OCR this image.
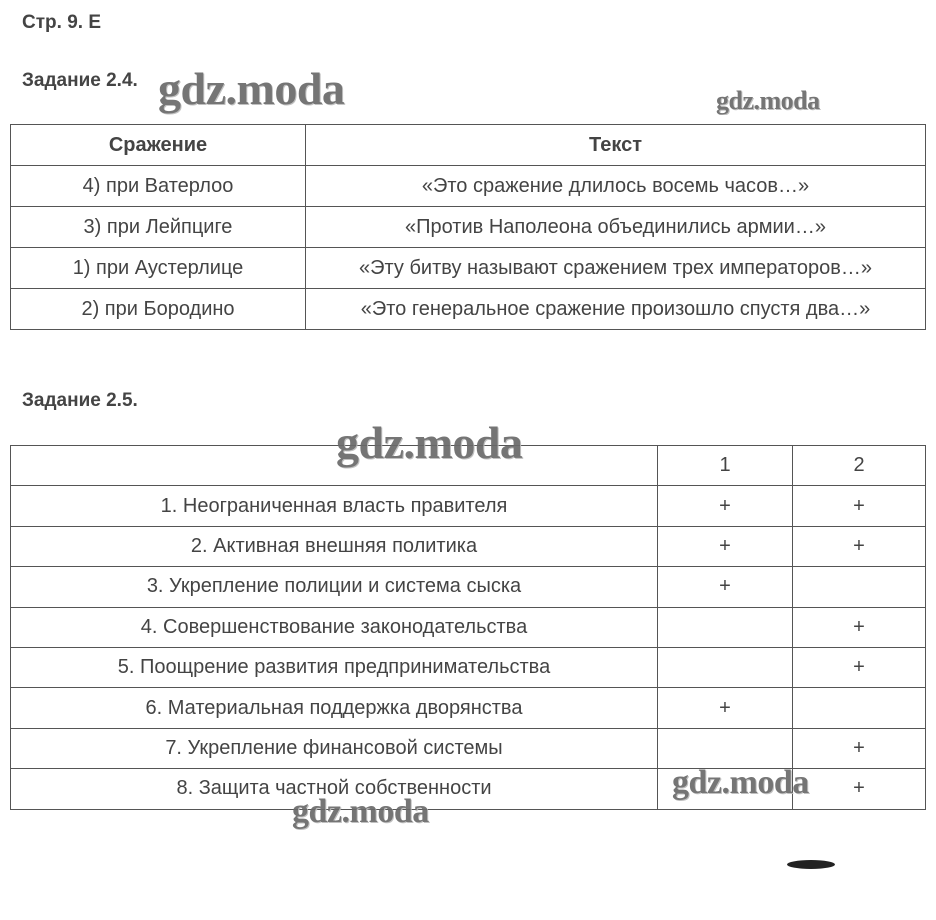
Стр. 9. Е
Задание 2.4.
Сражение	Текст
4) при Ватерлоо	«Это сражение длилось восемь часов…»
3) при Лейпциге	«Против Наполеона объединились армии…»
1) при Аустерлице	«Эту битву называют сражением трех императоров…»
2) при Бородино	«Это генеральное сражение произошло спустя два…»
Задание 2.5.
	1	2
1. Неограниченная власть правителя	+	+
2. Активная внешняя политика	+	+
3. Укрепление полиции и система сыска	+	
4. Совершенствование законодательства		+
5. Поощрение развития предпринимательства		+
6. Материальная поддержка дворянства	+	
7. Укрепление финансовой системы		+
8. Защита частной собственности		+
gdz.moda	gdz.moda
gdz.moda
gdz.moda
gdz.moda
